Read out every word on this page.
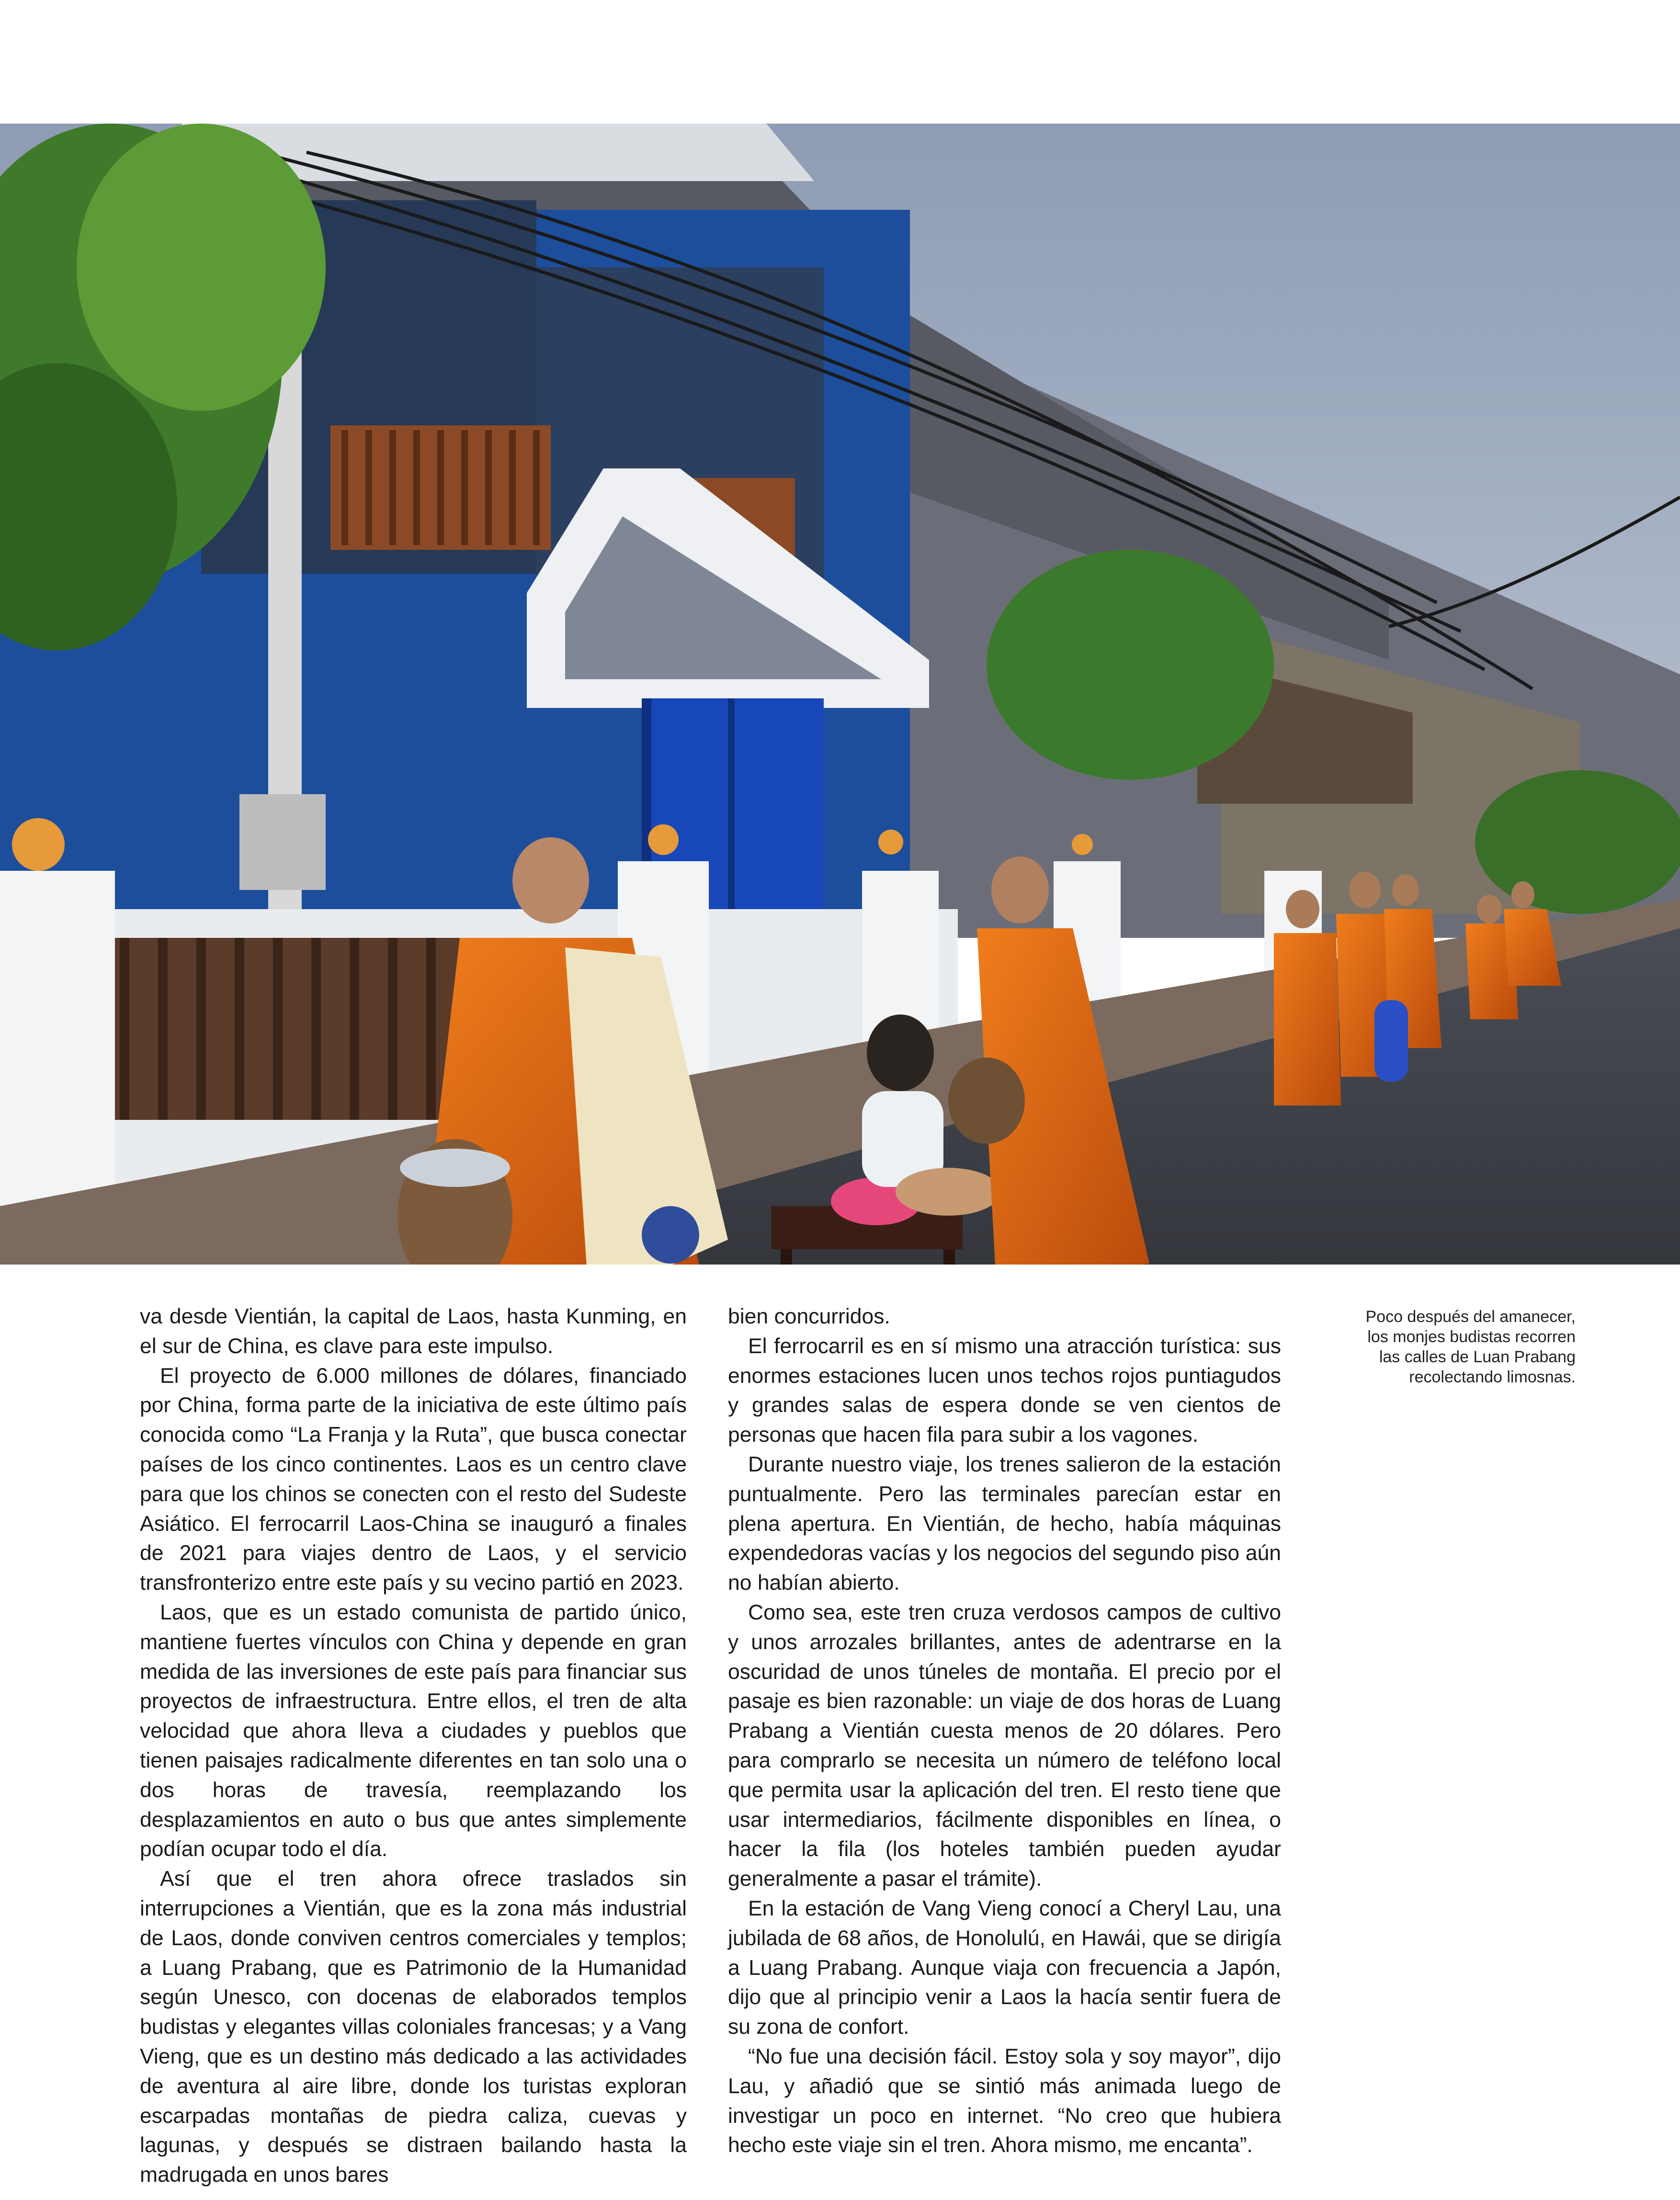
va desde Vientián, la capital de Laos, hasta Kunming, en el sur de China, es clave para este impulso.

El proyecto de 6.000 millones de dólares, financiado por China, forma parte de la iniciativa de este último país conocida como “La Franja y la Ruta”, que busca conectar países de los cinco continentes. Laos es un centro clave para que los chinos se conecten con el resto del Sudeste Asiático. El ferrocarril Laos-China se inauguró a finales de 2021 para viajes dentro de Laos, y el servicio transfronterizo entre este país y su vecino partió en 2023.

Laos, que es un estado comunista de partido único, mantiene fuertes vínculos con China y depende en gran medida de las inversiones de este país para financiar sus proyectos de infraestructura. Entre ellos, el tren de alta velocidad que ahora lleva a ciudades y pueblos que tienen paisajes radicalmente diferentes en tan solo una o dos horas de travesía, reemplazando los desplazamientos en auto o bus que antes simplemente podían ocupar todo el día.

Así que el tren ahora ofrece traslados sin interrupciones a Vientián, que es la zona más industrial de Laos, donde conviven centros comerciales y templos; a Luang Prabang, que es Patrimonio de la Humanidad según Unesco, con docenas de elaborados templos budistas y elegantes villas coloniales francesas; y a Vang Vieng, que es un destino más dedicado a las actividades de aventura al aire libre, donde los turistas exploran escarpadas montañas de piedra caliza, cuevas y lagunas, y después se distraen bailando hasta la madrugada en unos bares

bien concurridos.

El ferrocarril es en sí mismo una atracción turística: sus enormes estaciones lucen unos techos rojos puntiagudos y grandes salas de espera donde se ven cientos de personas que hacen fila para subir a los vagones.

Durante nuestro viaje, los trenes salieron de la estación puntualmente. Pero las terminales parecían estar en plena apertura. En Vientián, de hecho, había máquinas expendedoras vacías y los negocios del segundo piso aún no habían abierto.

Como sea, este tren cruza verdosos campos de cultivo y unos arrozales brillantes, antes de adentrarse en la oscuridad de unos túneles de montaña. El precio por el pasaje es bien razonable: un viaje de dos horas de Luang Prabang a Vientián cuesta menos de 20 dólares. Pero para comprarlo se necesita un número de teléfono local que permita usar la aplicación del tren. El resto tiene que usar intermediarios, fácilmente disponibles en línea, o hacer la fila (los hoteles también pueden ayudar generalmente a pasar el trámite).

En la estación de Vang Vieng conocí a Cheryl Lau, una jubilada de 68 años, de Honolulú, en Hawái, que se dirigía a Luang Prabang. Aunque viaja con frecuencia a Japón, dijo que al principio venir a Laos la hacía sentir fuera de su zona de confort.

“No fue una decisión fácil. Estoy sola y soy mayor”, dijo Lau, y añadió que se sintió más animada luego de investigar un poco en internet. “No creo que hubiera hecho este viaje sin el tren. Ahora mismo, me encanta”.

Poco después del amanecer, los monjes budistas recorren las calles de Luan Prabang recolectando limosnas.
